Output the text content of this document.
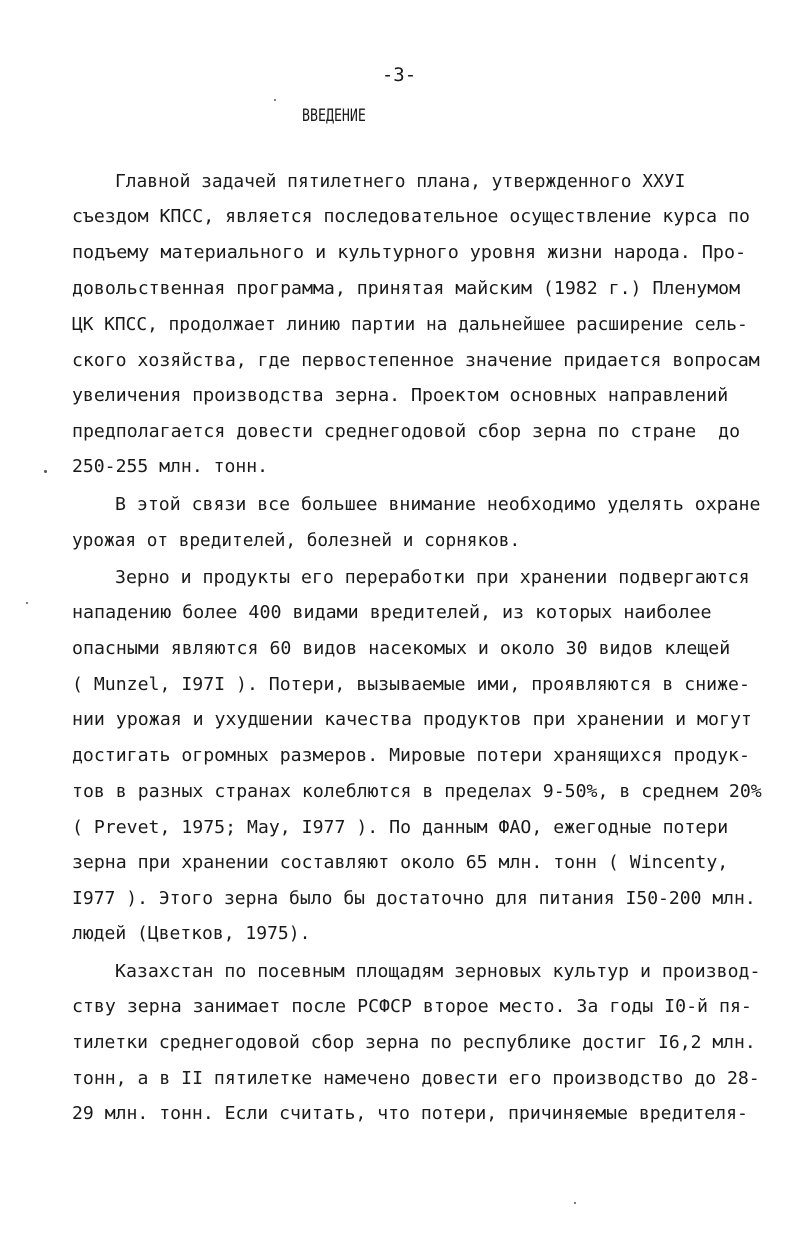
-3-
ВВЕДЕНИЕ
Главной задачей пятилетнего плана, утвержденного XXУI
съездом КПСС, является последовательное осуществление курса по
подъему материального и культурного уровня жизни народа. Про-
довольственная программа, принятая майским (1982 г.) Пленумом
ЦК КПСС, продолжает линию партии на дальнейшее расширение сель-
ского хозяйства, где первостепенное значение придается вопросам
увеличения производства зерна. Проектом основных направлений
предполагается довести среднегодовой сбор зерна по стране  до
250-255 млн. тонн.
В этой связи все большее внимание необходимо уделять охране
урожая от вредителей, болезней и сорняков.
Зерно и продукты его переработки при хранении подвергаются
нападению более 400 видами вредителей, из которых наиболее
опасными являются 60 видов насекомых и около 30 видов клещей
( Munzel, I97I ). Потери, вызываемые ими, проявляются в сниже-
нии урожая и ухудшении качества продуктов при хранении и могут
достигать огромных размеров. Мировые потери хранящихся продук-
тов в разных странах колеблются в пределах 9-50%, в среднем 20%
( Prevet, 1975; May, I977 ). По данным ФАО, ежегодные потери
зерна при хранении составляют около 65 млн. тонн ( Wincenty,
I977 ). Этого зерна было бы достаточно для питания I50-200 млн.
людей (Цветков, 1975).
Казахстан по посевным площадям зерновых культур и производ-
ству зерна занимает после РСФСР второе место. За годы I0-й пя-
тилетки среднегодовой сбор зерна по республике достиг I6,2 млн.
тонн, а в II пятилетке намечено довести его производство до 28-
29 млн. тонн. Если считать, что потери, причиняемые вредителя-
